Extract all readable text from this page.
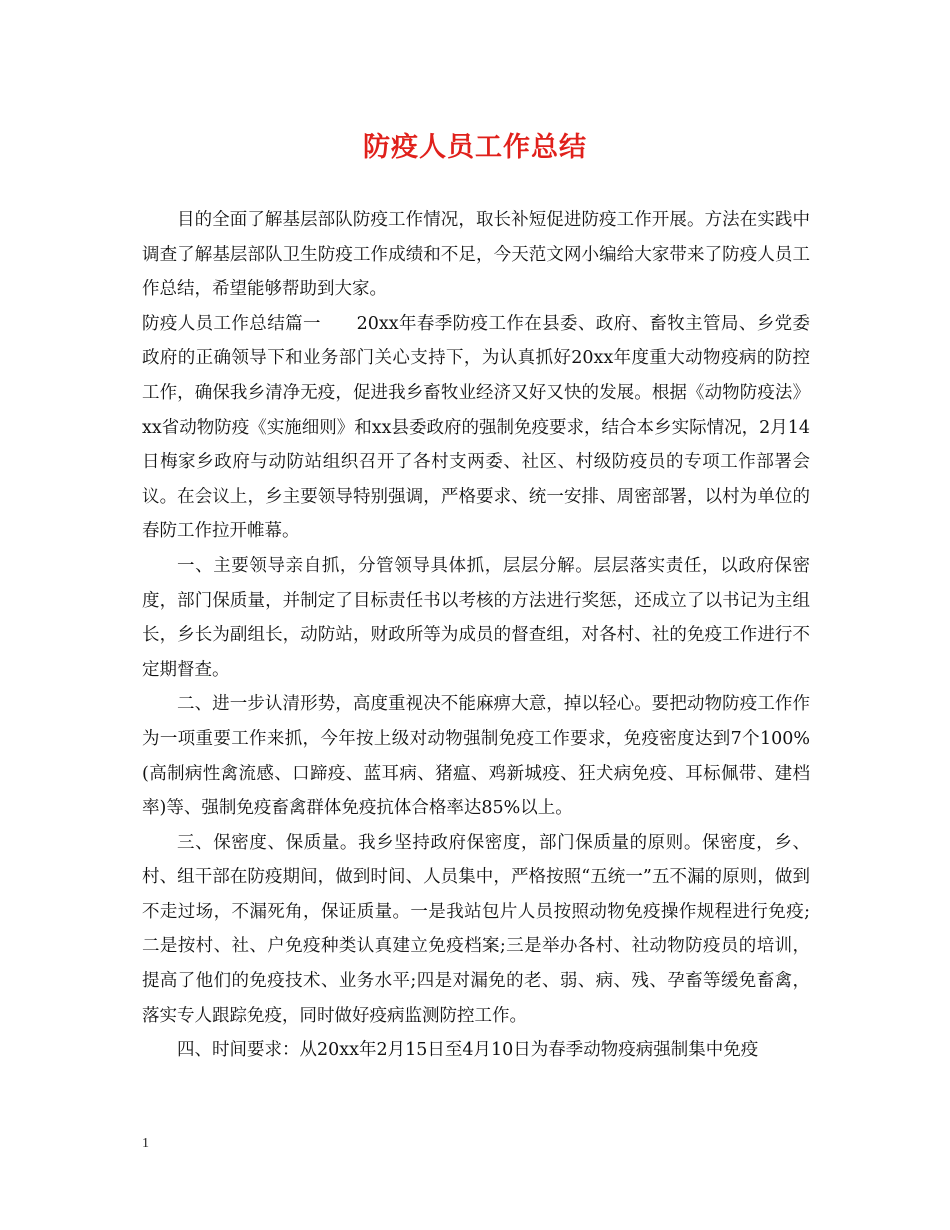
防疫人员工作总结

目的全面了解基层部队防疫工作情况，取长补短促进防疫工作开展。方法在实践中调查了解基层部队卫生防疫工作成绩和不足，今天范文网小编给大家带来了防疫人员工作总结，希望能够帮助到大家。

防疫人员工作总结篇一　　20xx年春季防疫工作在县委、政府、畜牧主管局、乡党委政府的正确领导下和业务部门关心支持下，为认真抓好20xx年度重大动物疫病的防控工作，确保我乡清净无疫，促进我乡畜牧业经济又好又快的发展。根据《动物防疫法》xx省动物防疫《实施细则》和xx县委政府的强制免疫要求，结合本乡实际情况，2月14日梅家乡政府与动防站组织召开了各村支两委、社区、村级防疫员的专项工作部署会议。在会议上，乡主要领导特别强调，严格要求、统一安排、周密部署，以村为单位的春防工作拉开帷幕。

一、主要领导亲自抓，分管领导具体抓，层层分解。层层落实责任，以政府保密度，部门保质量，并制定了目标责任书以考核的方法进行奖惩，还成立了以书记为主组长，乡长为副组长，动防站，财政所等为成员的督查组，对各村、社的免疫工作进行不定期督查。

二、进一步认清形势，高度重视决不能麻痹大意，掉以轻心。要把动物防疫工作作为一项重要工作来抓，今年按上级对动物强制免疫工作要求，免疫密度达到7个100%(高制病性禽流感、口蹄疫、蓝耳病、猪瘟、鸡新城疫、狂犬病免疫、耳标佩带、建档率)等、强制免疫畜禽群体免疫抗体合格率达85%以上。

三、保密度、保质量。我乡坚持政府保密度，部门保质量的原则。保密度，乡、村、组干部在防疫期间，做到时间、人员集中，严格按照“五统一”五不漏的原则，做到不走过场，不漏死角，保证质量。一是我站包片人员按照动物免疫操作规程进行免疫;二是按村、社、户免疫种类认真建立免疫档案;三是举办各村、社动物防疫员的培训，提高了他们的免疫技术、业务水平;四是对漏免的老、弱、病、残、孕畜等缓免畜禽，落实专人跟踪免疫，同时做好疫病监测防控工作。

四、时间要求：从20xx年2月15日至4月10日为春季动物疫病强制集中免疫

1
